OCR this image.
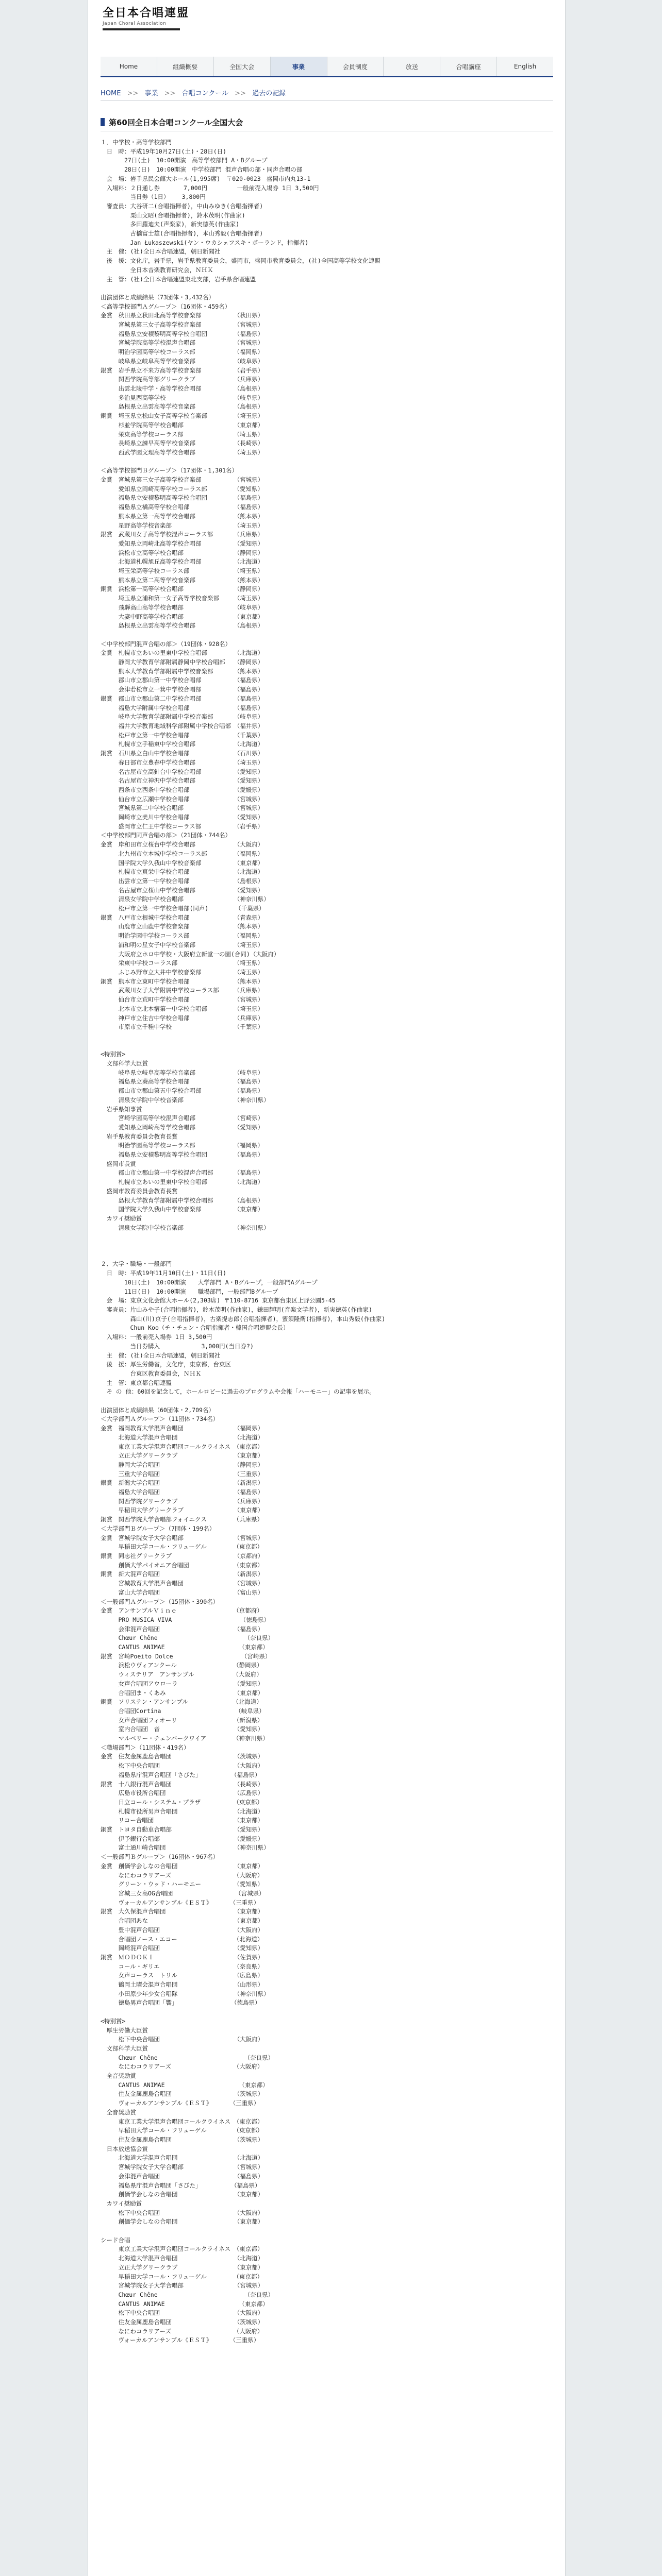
全日本合唱連盟
Japan Choral Association
Home	組織概要	全国大会	事業	会員制度	放送	合唱講座	English
HOME >> 事業 >> 合唱コンクール >> 過去の記録
第60回全日本合唱コンクール全国大会
１．中学校・高等学校部門
　日　時：平成19年10月27日(土)・28日(日)
　　　　27日(土)　10:00開演　高等学校部門 A・Bグループ
　　　　28日(日)　10:00開演　中学校部門 混声合唱の部・同声合唱の部
　会　場：岩手県民会館大ホール(1,995席)　〒020-0023　盛岡市内丸13-1
　入場料：２日通し券　　　　7,000円　　　　　一般前売入場券 1日 3,500円
　　　　　当日券（1日）　　 3,800円
　審査員：大谷研二(合唱指揮者)，中山みゆき(合唱指揮者)
　　　　　栗山文昭(合唱指揮者)，鈴木茂明(作曲家)
　　　　　多田羅迪夫(声楽家)，新実徳英(作曲家)
　　　　　古橋富士雄(合唱指揮者)，本山秀毅(合唱指揮者)
　　　　　Jan Łukaszewski(ヤン・ウカシェフスキ・ポーランド，指揮者)
　主　催：(社)全日本合唱連盟，朝日新聞社
　後　援：文化庁，岩手県，岩手県教育委員会，盛岡市，盛岡市教育委員会，(社)全国高等学校文化連盟
　　　　　全日本音楽教育研究会，ＮＨＫ
　主　管：(社)全日本合唱連盟東北支部，岩手県合唱連盟

出演団体と成績結果（73団体・3,432名）
＜高等学校部門Ａグループ＞（16団体・459名）
金賞　秋田県立秋田北高等学校音楽部　　　　　　（秋田県）
　　　宮城県第三女子高等学校音楽部　　　　　　（宮城県）
　　　福島県立安積黎明高等学校合唱団　　　　　（福島県）
　　　宮城学院高等学校混声合唱部　　　　　　　（宮城県）
　　　明治学園高等学校コーラス部　　　　　　　（福岡県）
　　　岐阜県立岐阜高等学校音楽部　　　　　　　（岐阜県）
銀賞　岩手県立不来方高等学校音楽部　　　　　　（岩手県）
　　　関西学院高等部グリークラブ　　　　　　　（兵庫県）
　　　出雲北陵中学・高等学校合唱部　　　　　　（島根県）
　　　多治見西高等学校　　　　　　　　　　　　（岐阜県）
　　　島根県立出雲高等学校音楽部　　　　　　　（島根県）
銅賞　埼玉県立松山女子高等学校音楽部　　　　　（埼玉県）
　　　杉並学院高等学校合唱部　　　　　　　　　（東京都）
　　　栄東高等学校コーラス部　　　　　　　　　（埼玉県）
　　　長崎県立諫早高等学校音楽部　　　　　　　（長崎県）
　　　西武学園文理高等学校合唱部　　　　　　　（埼玉県）

＜高等学校部門Ｂグループ＞（17団体・1,301名）
金賞　宮城県第三女子高等学校音楽部　　　　　　（宮城県）
　　　愛知県立岡崎高等学校コーラス部　　　　　（愛知県）
　　　福島県立安積黎明高等学校合唱団　　　　　（福島県）
　　　福島県立橘高等学校合唱部　　　　　　　　（福島県）
　　　熊本県立第一高等学校合唱部　　　　　　　（熊本県）
　　　星野高等学校音楽部　　　　　　　　　　　（埼玉県）
銀賞　武蔵川女子高等学校混声コーラス部　　　　（兵庫県）
　　　愛知県立岡崎北高等学校合唱部　　　　　　（愛知県）
　　　浜松市立高等学校合唱部　　　　　　　　　（静岡県）
　　　北海道札幌旭丘高等学校合唱部　　　　　　（北海道）
　　　埼玉栄高等学校コーラス部　　　　　　　　（埼玉県）
　　　熊本県立第二高等学校音楽部　　　　　　　（熊本県）
銅賞　浜松第一高等学校合唱部　　　　　　　　　（静岡県）
　　　埼玉県立浦和第一女子高等学校音楽部　　　（埼玉県）
　　　飛騨高山高等学校合唱部　　　　　　　　　（岐阜県）
　　　大妻中野高等学校合唱部　　　　　　　　　（東京都）
　　　島根県立出雲高等学校合唱部　　　　　　　（島根県）

＜中学校部門混声合唱の部＞（19団体・928名）
金賞　札幌市立あいの里東中学校合唱部　　　　　（北海道）
　　　静岡大学教育学部附属静岡中学校合唱部　　（静岡県）
　　　熊本大学教育学部附属中学校音楽部　　　　（熊本県）
　　　郡山市立郡山第一中学校合唱部　　　　　　（福島県）
　　　会津若松市立一箕中学校合唱部　　　　　　（福島県）
銀賞　郡山市立郡山第二中学校合唱部　　　　　　（福島県）
　　　福島大学附属中学校合唱部　　　　　　　　（福島県）
　　　岐阜大学教育学部附属中学校音楽部　　　　（岐阜県）
　　　福井大学教育地域科学部附属中学校合唱部　（福井県）
　　　松戸市立第一中学校合唱部　　　　　　　　（千葉県）
　　　札幌市立手稲東中学校合唱部　　　　　　　（北海道）
銅賞　石川県立白山中学校合唱部　　　　　　　　（石川県）
　　　春日部市立豊春中学校合唱部　　　　　　　（埼玉県）
　　　名古屋市立高針台中学校合唱部　　　　　　（愛知県）
　　　名古屋市立神沢中学校合唱部　　　　　　　（愛知県）
　　　西条市立西条中学校合唱部　　　　　　　　（愛媛県）
　　　仙台市立広瀬中学校合唱部　　　　　　　　（宮城県）
　　　宮城県第二中学校合唱部　　　　　　　　　（宮城県）
　　　岡崎市立美川中学校合唱部　　　　　　　　（愛知県）
　　　盛岡市立仁王中学校コーラス部　　　　　　（岩手県）
＜中学校部門同声合唱の部＞（21団体・744名）
金賞　岸和田市立桜台中学校合唱部　　　　　　　（大阪府）
　　　北九州市立本城中学校コーラス部　　　　　（福岡県）
　　　国学院大学久我山中学校音楽部　　　　　　（東京都）
　　　札幌市立真栄中学校合唱部　　　　　　　　（北海道）
　　　出雲市立第一中学校合唱部　　　　　　　　（島根県）
　　　名古屋市立桜山中学校合唱部　　　　　　　（愛知県）
　　　清泉女学院中学校合唱部　　　　　　　　　（神奈川県）
　　　松戸市立第一中学校合唱部(同声)　　　　　（千葉県）
銀賞　八戸市立根城中学校合唱部　　　　　　　　（青森県）
　　　山鹿市立山鹿中学校音楽部　　　　　　　　（熊本県）
　　　明治学園中学校コーラス部　　　　　　　　（福岡県）
　　　浦和明の星女子中学校音楽部　　　　　　　（埼玉県）
　　　大阪府立ホロ中学校・大阪府立新堂一の園(合同)（大阪府）
　　　栄東中学校コーラス部　　　　　　　　　　（埼玉県）
　　　ふじみ野市立大井中学校音楽部　　　　　　（埼玉県）
銅賞　熊本市立東町中学校合唱部　　　　　　　　（熊本県）
　　　武蔵川女子大学附属中学校コーラス部　　　（兵庫県）
　　　仙台市立荒町中学校合唱部　　　　　　　　（宮城県）
　　　北本市立北本宿第一中学校合唱部　　　　　（埼玉県）
　　　神戸市立住吉中学校合唱部　　　　　　　　（兵庫県）
　　　市原市立千種中学校　　　　　　　　　　　（千葉県）

<特別賞>
　文部科学大臣賞
　　　岐阜県立岐阜高等学校音楽部　　　　　　　（岐阜県）
　　　福島県立葵高等学校合唱部　　　　　　　　（福島県）
　　　郡山市立郡山第五中学校合唱部　　　　　　（福島県）
　　　清泉女学院中学校音楽部　　　　　　　　　（神奈川県）
　岩手県知事賞
　　　宮崎学園高等学校混声合唱部　　　　　　　（宮崎県）
　　　愛知県立岡崎高等学校合唱部　　　　　　　（愛知県）
　岩手県教育委員会教育長賞
　　　明治学園高等学校コーラス部　　　　　　　（福岡県）
　　　福島県立安積黎明高等学校合唱団　　　　　（福島県）
　盛岡市長賞
　　　郡山市立郡山第一中学校混声合唱部　　　　（福島県）
　　　札幌市立あいの里東中学校合唱部　　　　　（北海道）
　盛岡市教育委員会教育長賞
　　　島根大学教育学部附属中学校合唱部　　　　（島根県）
　　　国学院大学久我山中学校音楽部　　　　　　（東京都）
　カワイ奨励賞
　　　清泉女学院中学校音楽部　　　　　　　　　（神奈川県）

２．大学・職場・一般部門
　日　時：平成19年11月10日(土)・11日(日)
　　　　10日(土)　10:00開演　　大学部門 A・Bグループ，一般部門Aグループ
　　　　11日(日)　10:00開演　　職場部門，一般部門Bグループ
　会　場：東京文化会館大ホール(2,303席) 〒110-8716 東京都台東区上野公園5-45
　審査員：片山みや子(合唱指揮者)，鈴木茂明(作曲家)，鎌田輝明(音楽文学者)，新実徳英(作曲家)
　　　　　森山(川)京子(合唱指揮者)，古楽提志郎(合唱指揮者)，蜜須隆衛(指揮者)，本山秀毅(作曲家)
　　　　　Chun Koo（チ・チュン・合唱指揮者・韓国合唱連盟会長）
　入場料：一般前売入場券 1日 3,500円
　　　　　当日券購入　　　　　　　3,000円(当日券?)
　主　催：(社)全日本合唱連盟，朝日新聞社
　後　援：厚生労働省，文化庁，東京都，台東区
　　　　　台東区教育委員会，ＮＨＫ
　主　管：東京都合唱連盟
　そ の 他：60回を記念して，ホールロビーに過去のプログラムや会報「ハーモニー」の記事を展示。

出演団体と成績結果（60団体・2,709名）
＜大学部門Ａグループ＞（11団体・734名）
金賞　福岡教育大学混声合唱団　　　　　　　　　（福岡県）
　　　北海道大学混声合唱団　　　　　　　　　　（北海道）
　　　東京工業大学混声合唱団コールクライネス　（東京都）
　　　立正大学グリークラブ　　　　　　　　　　（東京都）
　　　静岡大学合唱団　　　　　　　　　　　　　（静岡県）
　　　三重大学合唱団　　　　　　　　　　　　　（三重県）
銀賞　新潟大学合唱団　　　　　　　　　　　　　（新潟県）
　　　福島大学合唱団　　　　　　　　　　　　　（福島県）
　　　関西学院グリークラブ　　　　　　　　　　（兵庫県）
　　　早稲田大学グリークラブ　　　　　　　　　（東京都）
銅賞　関西学院大学合唱部フォイニクス　　　　　（兵庫県）
＜大学部門Ｂグループ＞（7団体・199名）
金賞　宮城学院女子大学合唱部　　　　　　　　　（宮城県）
　　　早稲田大学コール・フリューゲル　　　　　（東京都）
銀賞　同志社グリークラブ　　　　　　　　　　　（京都府）
　　　創価大学パイオニア合唱団　　　　　　　　（東京都）
銅賞　新大混声合唱団　　　　　　　　　　　　　（新潟県）
　　　宮城教育大学混声合唱団　　　　　　　　　（宮城県）
　　　富山大学合唱団　　　　　　　　　　　　　（富山県）
＜一般部門Ａグループ＞（15団体・390名）
金賞　アンサンブルＶｉｎｅ　　　　　　　　　　（京都府）
　　　PRO MUSICA VIVA　　　　　　　　　　　　（徳島県）
　　　会津混声合唱団　　　　　　　　　　　　　（福島県）
　　　Chœur Chêne　　　　　　　　　　　　　　 （奈良県）
　　　CANTUS ANIMAE　　　　　　　　　　　　　（東京都）
銀賞　宮崎Poeito Dolce　　　　　　　　　　　　（宮崎県）
　　　浜松ウヴィアンクール　　　　　　　　　　（静岡県）
　　　ウィステリア　アンサンブル　　　　　　　（大阪府）
　　　女声合唱団アウローラ　　　　　　　　　　（愛知県）
　　　合唱団ま・くあみ　　　　　　　　　　　　（東京都）
銅賞　ソリステン・アンサンブル　　　　　　　　（北海道）
　　　合唱団Cortina　　　　　　　　　　　　　（岐阜県）
　　　女声合唱団フィオーリ　　　　　　　　　　（新潟県）
　　　室内合唱団　音　　　　　　　　　　　　　（愛知県）
　　　マルベリー・チェンバークワイア　　　　　（神奈川県）
＜職場部門＞（11団体・419名）
金賞　住友金属鹿島合唱団　　　　　　　　　　　（茨城県）
　　　松下中央合唱団　　　　　　　　　　　　　（大阪府）
　　　福島県庁混声合唱団「さびた」　　　　　　（福島県）
銀賞　十八銀行混声合唱団　　　　　　　　　　　（長崎県）
　　　広島市役所合唱団　　　　　　　　　　　　（広島県）
　　　日立コール・システム・プラザ　　　　　　（東京都）
　　　札幌市役所男声合唱団　　　　　　　　　　（北海道）
　　　リコー合唱団　　　　　　　　　　　　　　（東京都）
銅賞　トヨタ自動車合唱部　　　　　　　　　　　（愛知県）
　　　伊予銀行合唱部　　　　　　　　　　　　　（愛媛県）
　　　富士通川崎合唱団　　　　　　　　　　　　（神奈川県）
＜一般部門Ｂグループ＞（16団体・967名）
金賞　創価学会しなの合唱団　　　　　　　　　　（東京都）
　　　なにわコラリアーズ　　　　　　　　　　　（大阪府）
　　　グリーン・ウッド・ハーモニー　　　　　　（愛知県）
　　　宮城三女高OG合唱団　　　　　　　　　　　（宮城県）
　　　ヴォーカルアンサンブル《ＥＳＴ》　　　　（三重県）
銀賞　大久保混声合唱団　　　　　　　　　　　　（東京都）
　　　合唱団あな　　　　　　　　　　　　　　　（東京都）
　　　豊中混声合唱団　　　　　　　　　　　　　（大阪府）
　　　合唱団ノース・エコー　　　　　　　　　　（北海道）
　　　岡崎混声合唱団　　　　　　　　　　　　　（愛知県）
銅賞　ＭＯＤＯＫＩ　　　　　　　　　　　　　　（佐賀県）
　　　コール・ギリエ　　　　　　　　　　　　　（奈良県）
　　　女声コーラス　トリル　　　　　　　　　　（広島県）
　　　鶴岡土曜会混声合唱団　　　　　　　　　　（山形県）
　　　小田原少年少女合唱隊　　　　　　　　　　（神奈川県）
　　　徳島男声合唱団「響」　　　　　　　　　　（徳島県）

<特別賞>
　厚生労働大臣賞
　　　松下中央合唱団　　　　　　　　　　　　　（大阪府）
　文部科学大臣賞
　　　Chœur Chêne　　　　　　　　　　　　　　 （奈良県）
　　　なにわコラリアーズ　　　　　　　　　　　（大阪府）
　全音奨励賞
　　　CANTUS ANIMAE　　　　　　　　　　　　　（東京都）
　　　住友金属鹿島合唱団　　　　　　　　　　　（茨城県）
　　　ヴォーカルアンサンブル《ＥＳＴ》　　　　（三重県）
　全音奨励賞
　　　東京工業大学混声合唱団コールクライネス　（東京都）
　　　早稲田大学コール・フリューゲル　　　　　（東京都）
　　　住友金属鹿島合唱団　　　　　　　　　　　（茨城県）
　日本放送協会賞
　　　北海道大学混声合唱団　　　　　　　　　　（北海道）
　　　宮城学院女子大学合唱部　　　　　　　　　（宮城県）
　　　会津混声合唱団　　　　　　　　　　　　　（福島県）
　　　福島県庁混声合唱団「さびた」　　　　　　（福島県）
　　　創価学会しなの合唱団　　　　　　　　　　（東京都）
　カワイ奨励賞
　　　松下中央合唱団　　　　　　　　　　　　　（大阪府）
　　　創価学会しなの合唱団　　　　　　　　　　（東京都）

シード合唱
　　　東京工業大学混声合唱団コールクライネス　（東京都）
　　　北海道大学混声合唱団　　　　　　　　　　（北海道）
　　　立正大学グリークラブ　　　　　　　　　　（東京都）
　　　早稲田大学コール・フリューゲル　　　　　（東京都）
　　　宮城学院女子大学合唱部　　　　　　　　　（宮城県）
　　　Chœur Chêne　　　　　　　　　　　　　　 （奈良県）
　　　CANTUS ANIMAE　　　　　　　　　　　　　（東京都）
　　　松下中央合唱団　　　　　　　　　　　　　（大阪府）
　　　住友金属鹿島合唱団　　　　　　　　　　　（茨城県）
　　　なにわコラリアーズ　　　　　　　　　　　（大阪府）
　　　ヴォーカルアンサンブル《ＥＳＴ》　　　　（三重県）
